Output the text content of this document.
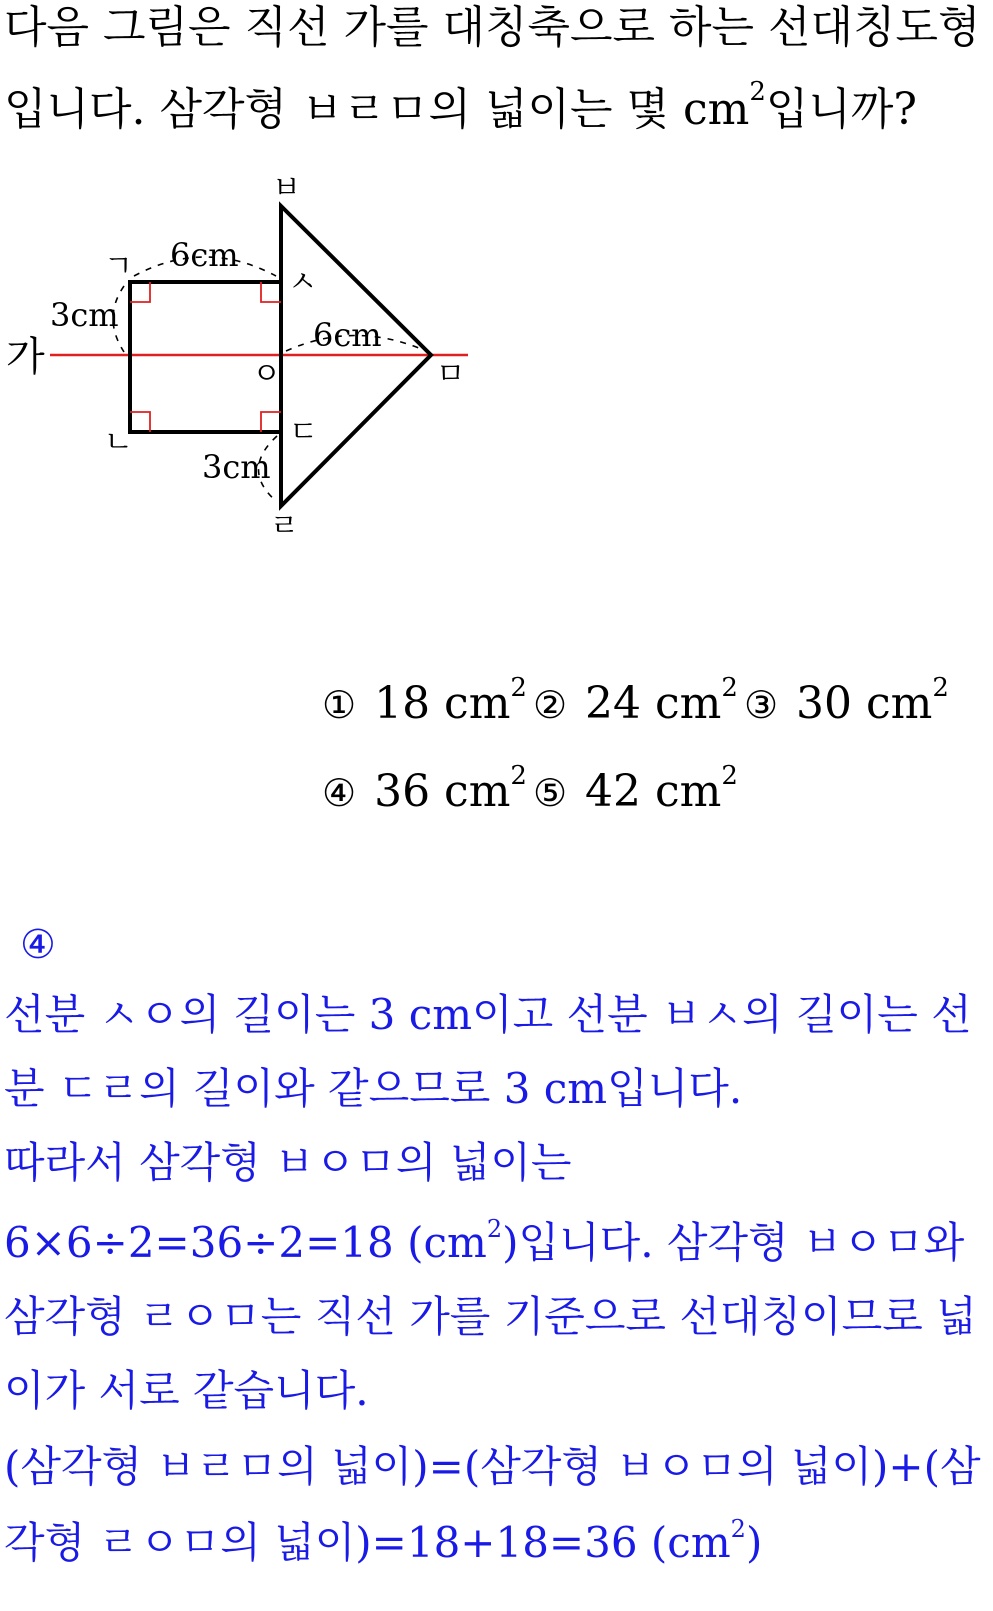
다음 그림은 직선 가를 대칭축으로 하는 선대칭도형
입니다. 삼각형 ㅂㄹㅁ의 넓이는 몇 $cm^2$입니까?
6cm
3cm
6cm
3cm
가
ㄱ
ㄴ
ㅂ
ㅅ
ㅇ	ㅁ
ㄷ
ㄹ
① 18 $cm^2$ ② 24 $cm^2$ ③ 30 $cm^2$
④ 36 $cm^2$ ⑤ 42 $cm^2$
④
선분 ㅅㅇ의 길이는 3 cm이고 선분 ㅂㅅ의 길이는 선
분 ㄷㄹ의 길이와 같으므로 3 cm입니다.
따라서 삼각형 ㅂㅇㅁ의 넓이는
6×6÷2=36÷2=18 $(cm^2)$입니다. 삼각형 ㅂㅇㅁ와
삼각형 ㄹㅇㅁ는 직선 가를 기준으로 선대칭이므로 넓
이가 서로 같습니다.
(삼각형 ㅂㄹㅁ의 넓이)=(삼각형 ㅂㅇㅁ의 넓이)+(삼
각형 ㄹㅇㅁ의 넓이)=18+18=36 $(cm^2)$
